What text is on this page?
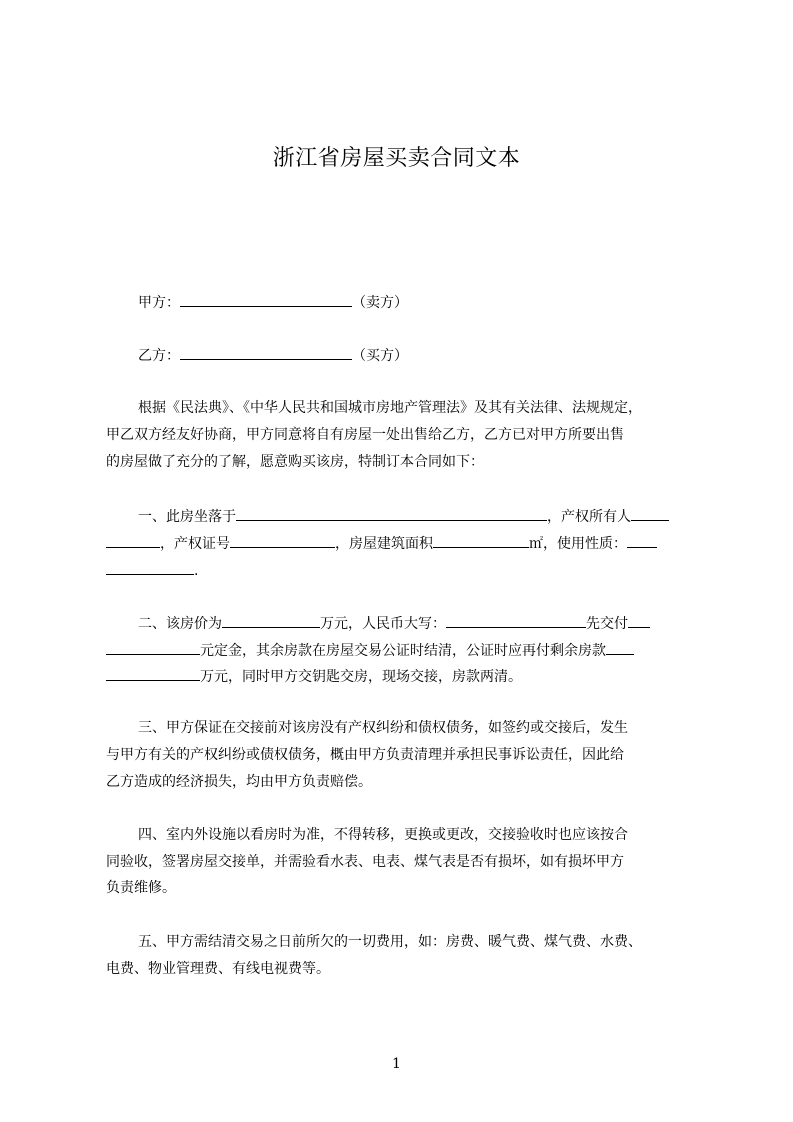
浙江省房屋买卖合同文本
甲方：	（卖方）
乙方：	（买方）
根据《民法典》、《中华人民共和国城市房地产管理法》及其有关法律、法规规定，
甲乙双方经友好协商，甲方同意将自有房屋一处出售给乙方，乙方已对甲方所要出售
的房屋做了充分的了解，愿意购买该房，特制订本合同如下：
一、此房坐落于	，产权所有人
，产权证号	，房屋建筑面积	㎡，使用性质：
.
二、该房价为	万元，人民币大写：	先交付
元定金，其余房款在房屋交易公证时结清，公证时应再付剩余房款
万元，同时甲方交钥匙交房，现场交接，房款两清。
三、甲方保证在交接前对该房没有产权纠纷和债权债务，如签约或交接后，发生
与甲方有关的产权纠纷或债权债务，概由甲方负责清理并承担民事诉讼责任，因此给
乙方造成的经济损失，均由甲方负责赔偿。
四、室内外设施以看房时为准，不得转移，更换或更改，交接验收时也应该按合
同验收，签署房屋交接单，并需验看水表、电表、煤气表是否有损坏，如有损坏甲方
负责维修。
五、甲方需结清交易之日前所欠的一切费用，如：房费、暖气费、煤气费、水费、
电费、物业管理费、有线电视费等。
1
